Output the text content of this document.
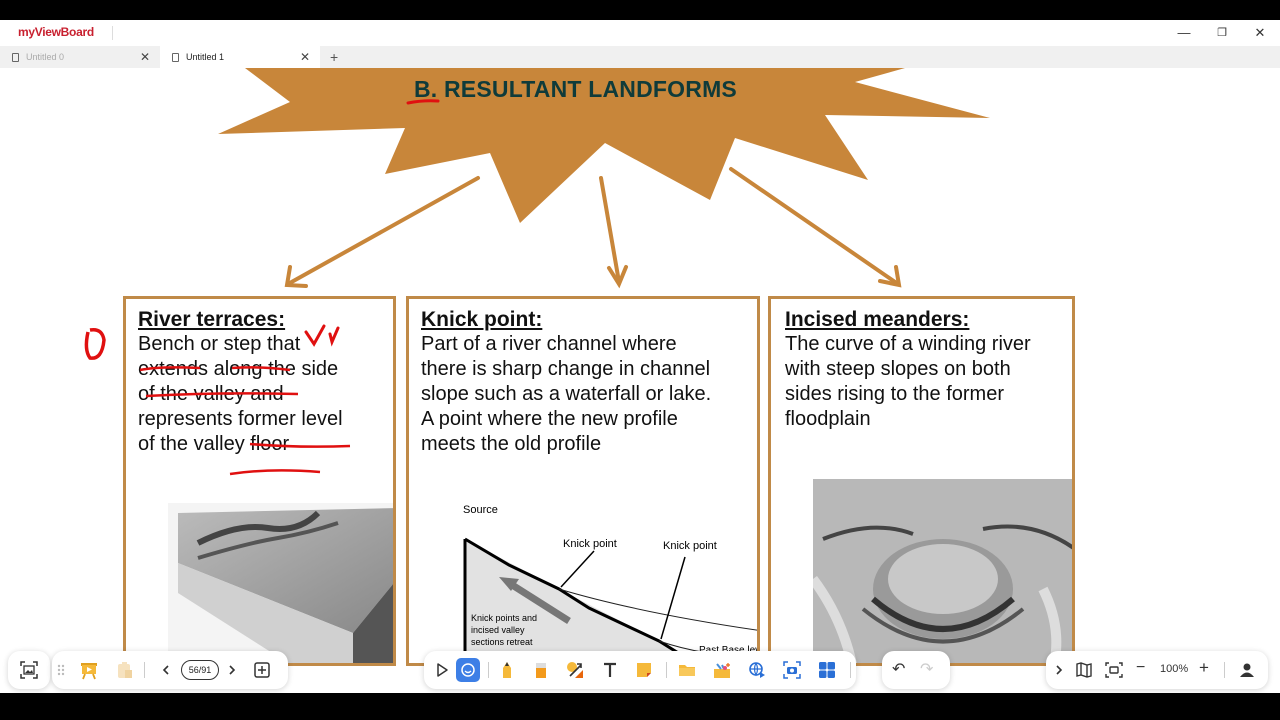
myViewBoard	—	❐	✕
Untitled 0	✕	Untitled 1	✕ +
B. RESULTANT LANDFORMS
River terraces:
Bench or step that
extends along the side
of the valley and
represents former level
of the valley floor
Knick point:
Part of a river channel where
there is sharp change in channel
slope such as a waterfall or lake.
A point where the new profile
meets the old profile
Source
Knick point	Knick point
Knick points and
incised valley
sections retreat
Incised meanders:
The curve of a winding river
with steep slopes on both
sides rising to the former
floodplain
56/91	↶ ↷	− 100% +
